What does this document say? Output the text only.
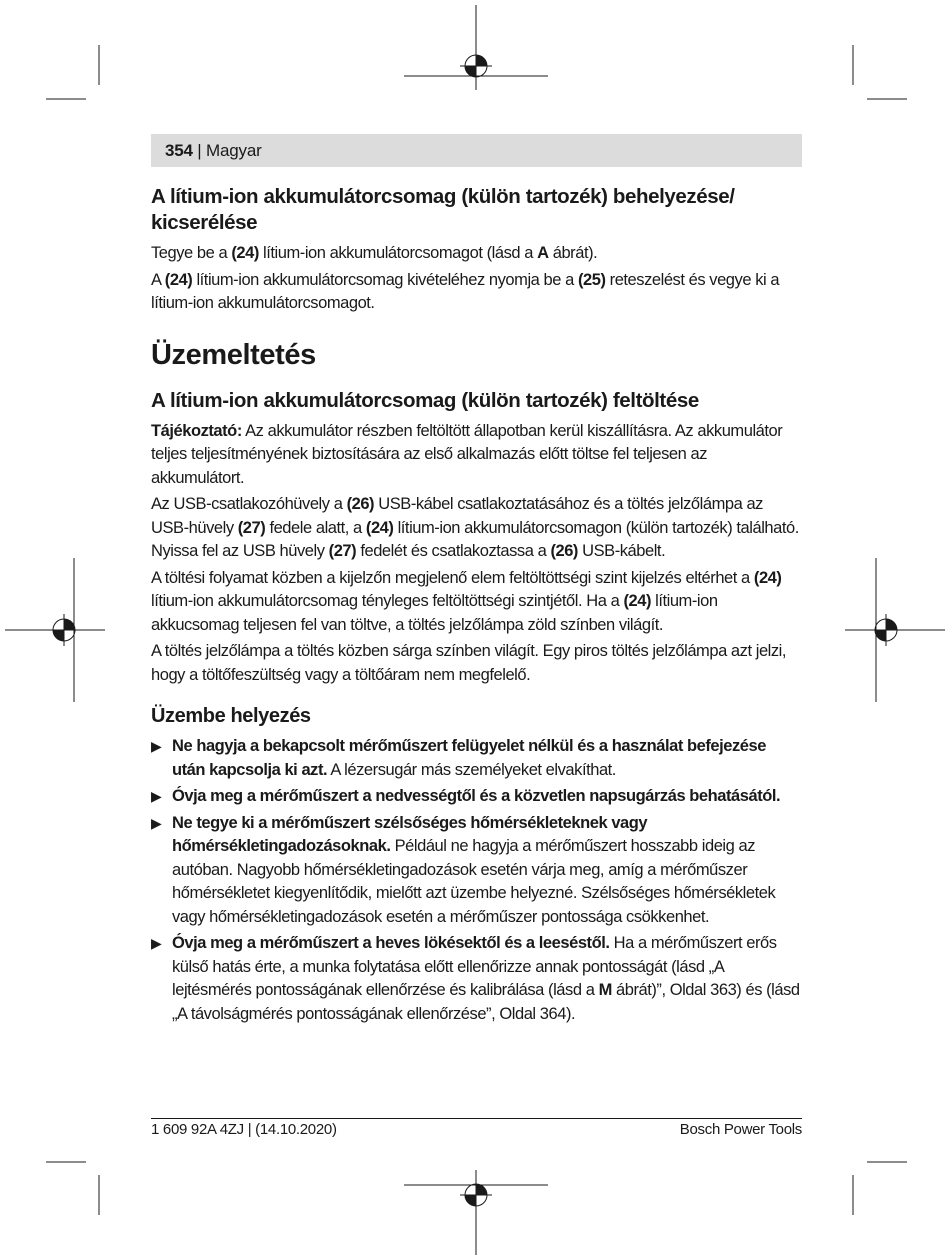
354 | Magyar
A lítium-ion akkumulátorcsomag (külön tartozék) behelyezése/ kicserélése

Tegye be a (24) lítium-ion akkumulátorcsomagot (lásd a A ábrát).

A (24) lítium-ion akkumulátorcsomag kivételéhez nyomja be a (25) reteszelést és vegye ki a lítium-ion akkumulátorcsomagot.

Üzemeltetés
A lítium-ion akkumulátorcsomag (külön tartozék) feltöltése

Tájékoztató: Az akkumulátor részben feltöltött állapotban kerül kiszállításra. Az akkumulátor teljes teljesítményének biztosítására az első alkalmazás előtt töltse fel teljesen az akkumulátort.

Az USB-csatlakozóhüvely a (26) USB-kábel csatlakoztatásához és a töltés jelzőlámpa az USB-hüvely (27) fedele alatt, a (24) lítium-ion akkumulátorcsomagon (külön tartozék) található. Nyissa fel az USB hüvely (27) fedelét és csatlakoztassa a (26) USB-kábelt.

A töltési folyamat közben a kijelzőn megjelenő elem feltöltöttségi szint kijelzés eltérhet a (24) lítium-ion akkumulátorcsomag tényleges feltöltöttségi szintjétől. Ha a (24) lítium-ion akkucsomag teljesen fel van töltve, a töltés jelzőlámpa zöld színben világít.

A töltés jelzőlámpa a töltés közben sárga színben világít. Egy piros töltés jelzőlámpa azt jelzi, hogy a töltőfeszültség vagy a töltőáram nem megfelelő.

Üzembe helyezés
▶ Ne hagyja a bekapcsolt mérőműszert felügyelet nélkül és a használat befejezése után kapcsolja ki azt. A lézersugár más személyeket elvakíthat.
▶ Óvja meg a mérőműszert a nedvességtől és a közvetlen napsugárzás behatásától.
▶ Ne tegye ki a mérőműszert szélsőséges hőmérsékleteknek vagy hőmérsékletingadozásoknak. Például ne hagyja a mérőműszert hosszabb ideig az autóban. Nagyobb hőmérsékletingadozások esetén várja meg, amíg a mérőműszer hőmérsékletet kiegyenlítődik, mielőtt azt üzembe helyezné. Szélsőséges hőmérsékletek vagy hőmérsékletingadozások esetén a mérőműszer pontossága csökkenhet.
▶ Óvja meg a mérőműszert a heves lökésektől és a leeséstől. Ha a mérőműszert erős külső hatás érte, a munka folytatása előtt ellenőrizze annak pontosságát (lásd „A lejtésmérés pontosságának ellenőrzése és kalibrálása (lásd a M ábrát)”, Oldal 363) és (lásd „A távolságmérés pontosságának ellenőrzése”, Oldal 364).
1 609 92A 4ZJ | (14.10.2020)	Bosch Power Tools
